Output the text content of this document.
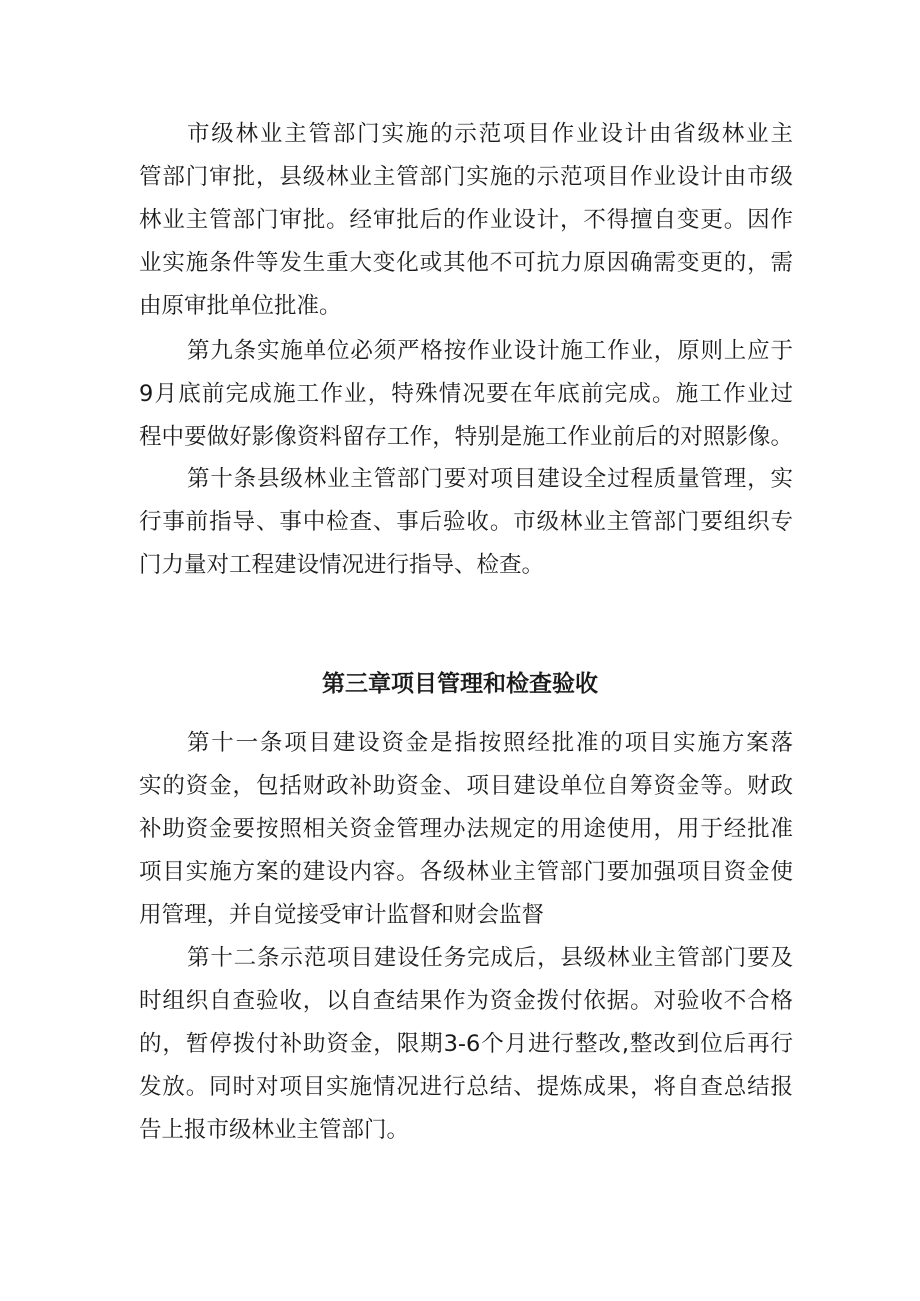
市级林业主管部门实施的示范项目作业设计由省级林业主
管部门审批，县级林业主管部门实施的示范项目作业设计由市级
林业主管部门审批。经审批后的作业设计，不得擅自变更。因作
业实施条件等发生重大变化或其他不可抗力原因确需变更的，需
由原审批单位批准。
第九条实施单位必须严格按作业设计施工作业，原则上应于
9月底前完成施工作业，特殊情况要在年底前完成。施工作业过
程中要做好影像资料留存工作，特别是施工作业前后的对照影像。
第十条县级林业主管部门要对项目建设全过程质量管理，实
行事前指导、事中检查、事后验收。市级林业主管部门要组织专
门力量对工程建设情况进行指导、检查。
第三章项目管理和检查验收
第十一条项目建设资金是指按照经批准的项目实施方案落
实的资金，包括财政补助资金、项目建设单位自筹资金等。财政
补助资金要按照相关资金管理办法规定的用途使用，用于经批准
项目实施方案的建设内容。各级林业主管部门要加强项目资金使
用管理，并自觉接受审计监督和财会监督
第十二条示范项目建设任务完成后，县级林业主管部门要及
时组织自查验收，以自查结果作为资金拨付依据。对验收不合格
的，暂停拨付补助资金，限期3-6个月进行整改,整改到位后再行
发放。同时对项目实施情况进行总结、提炼成果，将自查总结报
告上报市级林业主管部门。
